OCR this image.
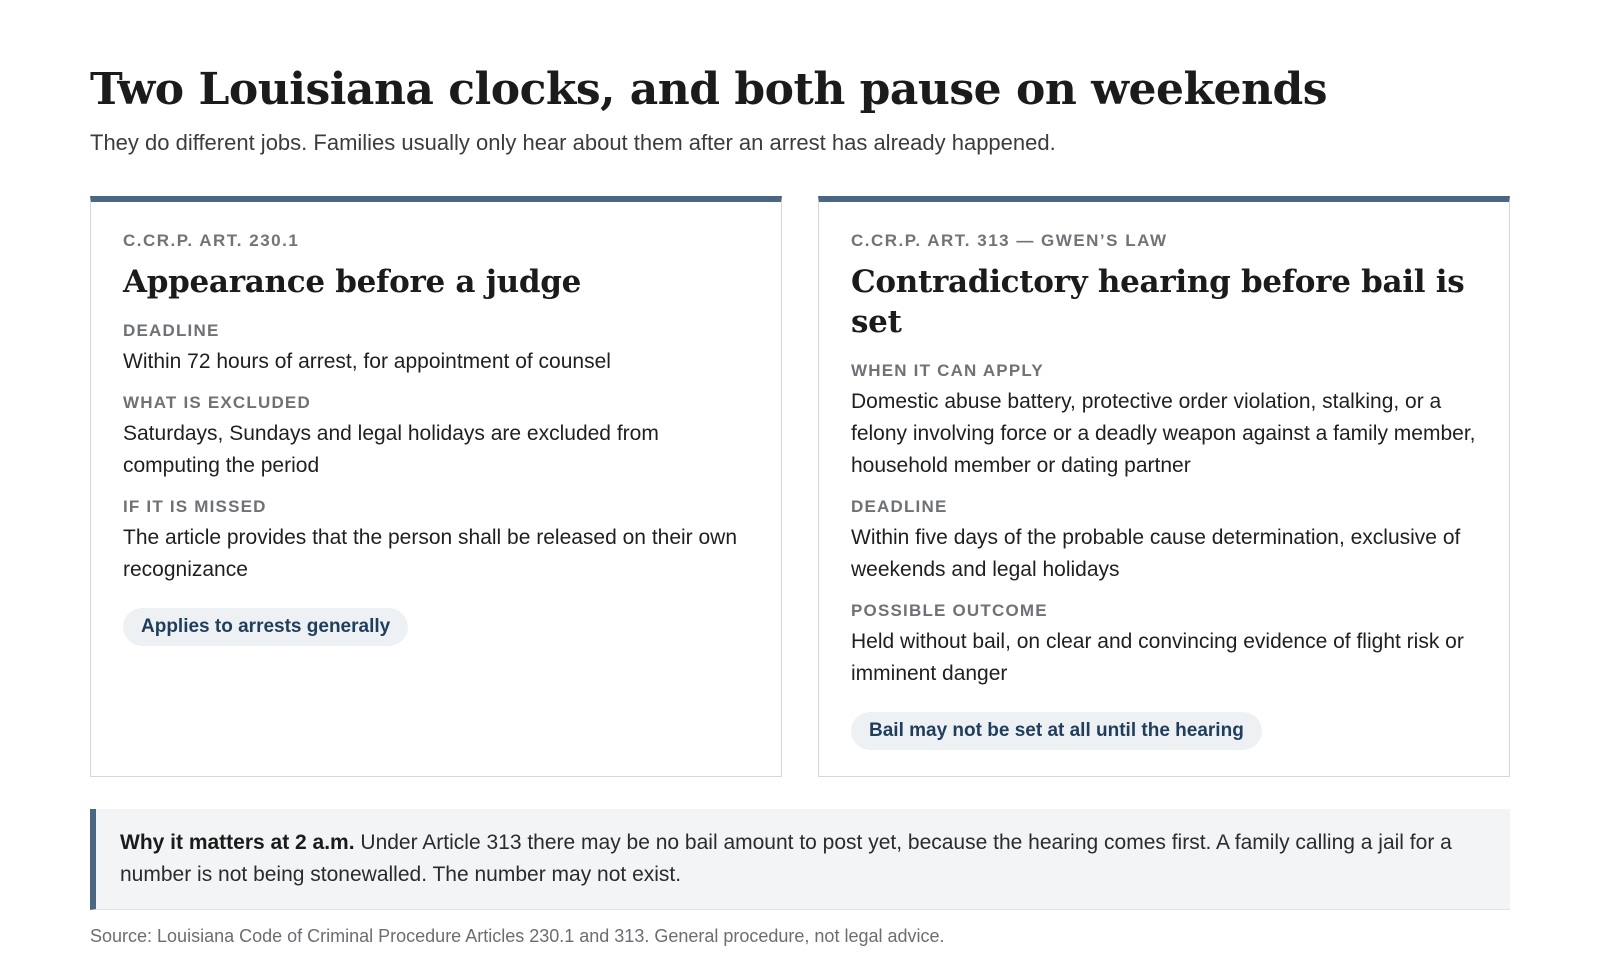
Two Louisiana clocks, and both pause on weekends

They do different jobs. Families usually only hear about them after an arrest has already happened.

C.CR.P. ART. 230.1
Appearance before a judge
DEADLINE
Within 72 hours of arrest, for appointment of counsel
WHAT IS EXCLUDED
Saturdays, Sundays and legal holidays are excluded from computing the period
IF IT IS MISSED
The article provides that the person shall be released on their own recognizance
Applies to arrests generally
C.CR.P. ART. 313 — GWEN’S LAW
Contradictory hearing before bail is set
WHEN IT CAN APPLY
Domestic abuse battery, protective order violation, stalking, or a felony involving force or a deadly weapon against a family member, household member or dating partner
DEADLINE
Within five days of the probable cause determination, exclusive of weekends and legal holidays
POSSIBLE OUTCOME
Held without bail, on clear and convincing evidence of flight risk or imminent danger
Bail may not be set at all until the hearing
Why it matters at 2 a.m. Under Article 313 there may be no bail amount to post yet, because the hearing comes first. A family calling a jail for a number is not being stonewalled. The number may not exist.
Source: Louisiana Code of Criminal Procedure Articles 230.1 and 313. General procedure, not legal advice.
